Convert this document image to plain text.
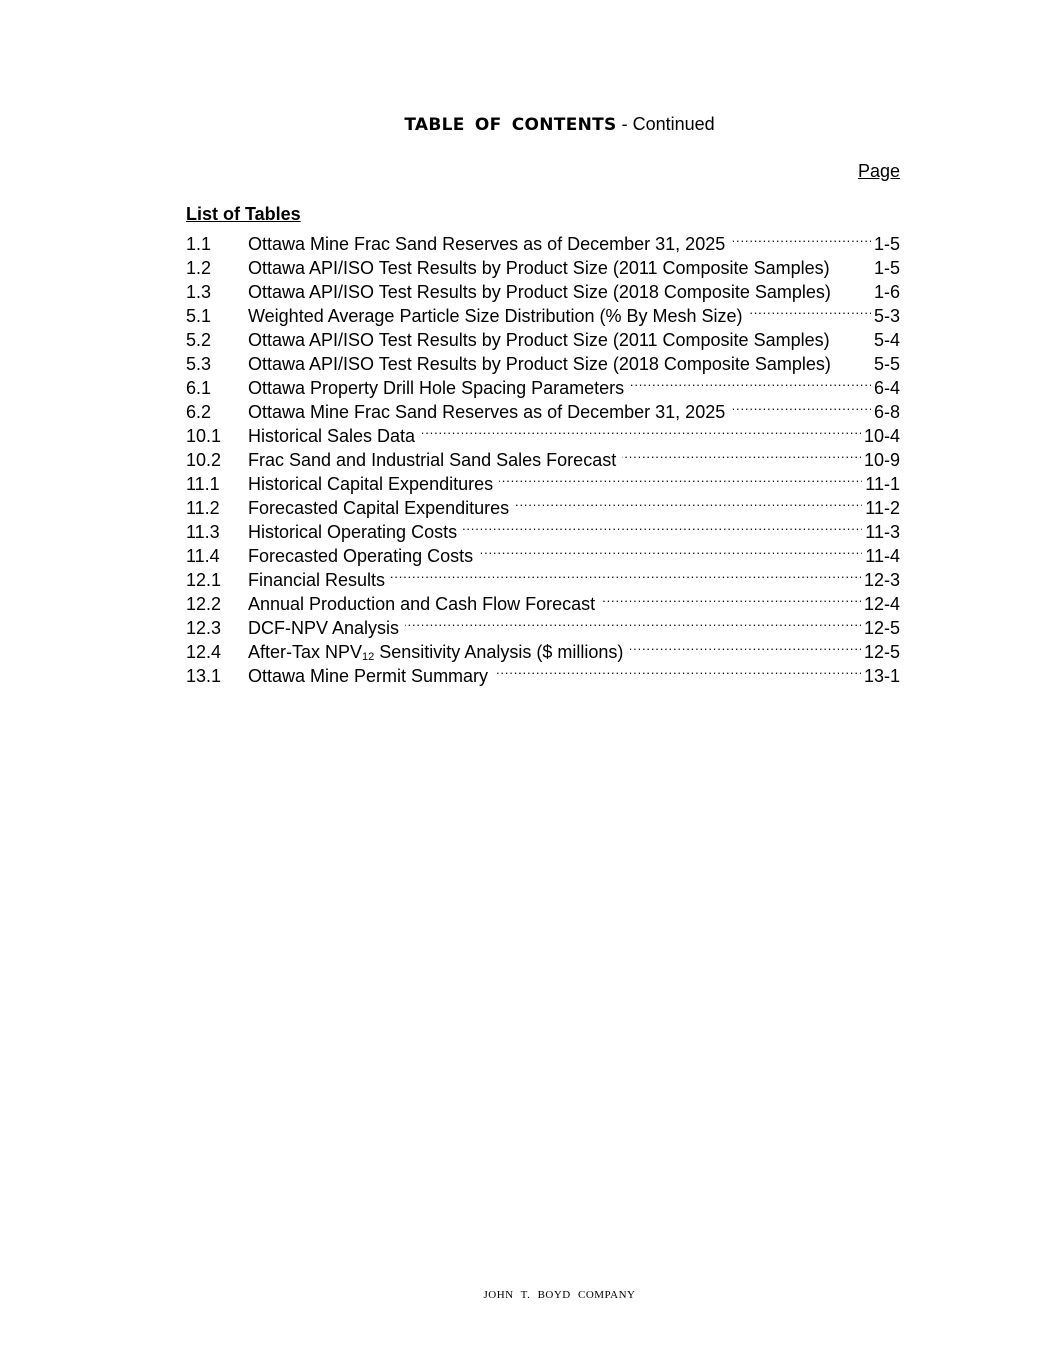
TABLE OF CONTENTS - Continued
Page
List of Tables
1.1	Ottawa Mine Frac Sand Reserves as of December 31, 2025 . . .	1-5
1.2	Ottawa API/ISO Test Results by Product Size (2011 Composite Samples) 1-5
1.3	Ottawa API/ISO Test Results by Product Size (2018 Composite Samples) 1-6
5.1	Weighted Average Particle Size Distribution (% By Mesh Size) . . .	5-3
5.2	Ottawa API/ISO Test Results by Product Size (2011 Composite Samples) 5-4
5.3	Ottawa API/ISO Test Results by Product Size (2018 Composite Samples) 5-5
6.1	Ottawa Property Drill Hole Spacing Parameters . . .	6-4
6.2	Ottawa Mine Frac Sand Reserves as of December 31, 2025 . . .	6-8
10.1	Historical Sales Data . . .	10-4
10.2	Frac Sand and Industrial Sand Sales Forecast . . .	10-9
11.1	Historical Capital Expenditures . . .	11-1
11.2	Forecasted Capital Expenditures . . .	11-2
11.3	Historical Operating Costs . . .	11-3
11.4	Forecasted Operating Costs . . .	11-4
12.1	Financial Results . . .	12-3
12.2	Annual Production and Cash Flow Forecast . . .	12-4
12.3	DCF-NPV Analysis . . .	12-5
12.4	After-Tax $NPV_{12}$ Sensitivity Analysis ($ millions) . . .	12-5
13.1	Ottawa Mine Permit Summary . . .	13-1
JOHN T. BOYD COMPANY
